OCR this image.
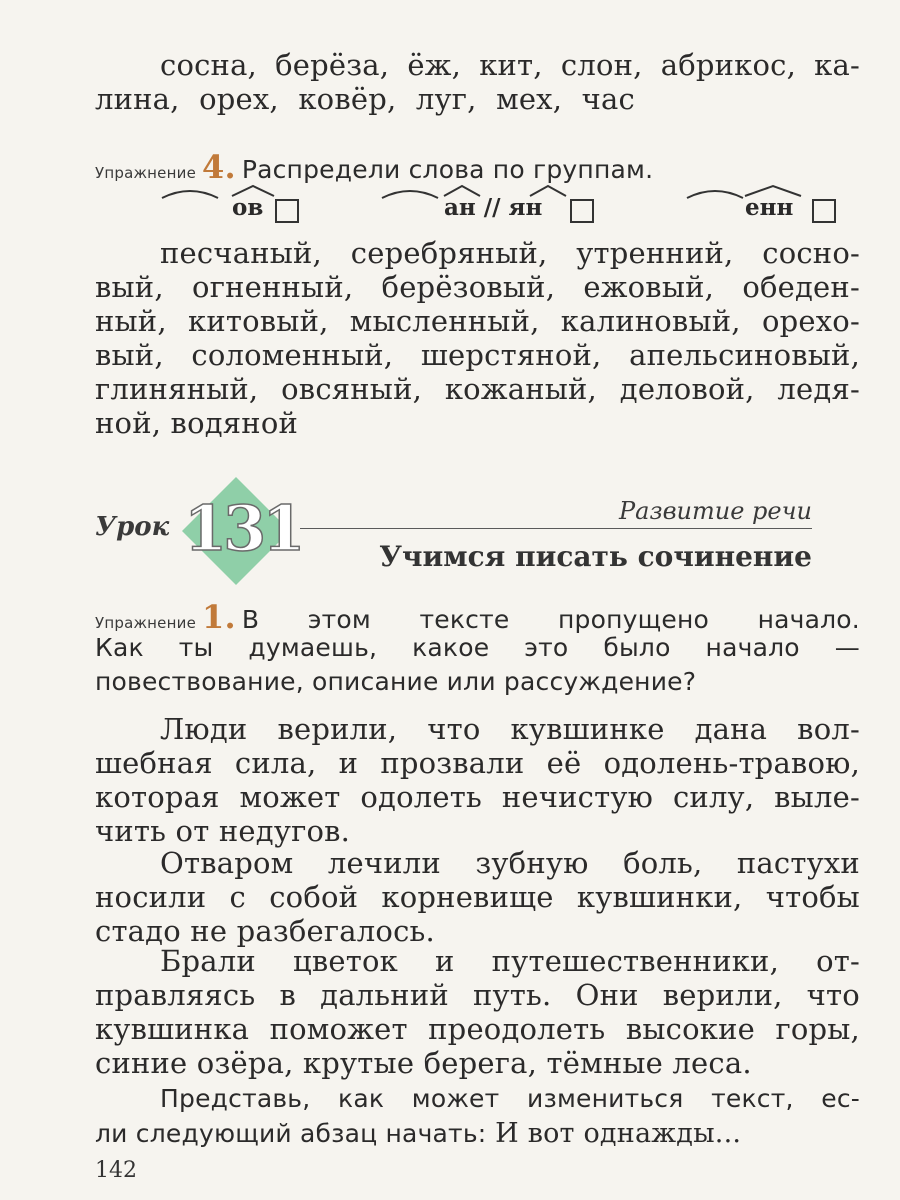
сосна, берёза, ёж, кит, слон, абрикос, ка-
лина, орех, ковёр, луг, мех, час
Упражнение 4. Распредели слова по группам.
ов	ан // ян	енн
песчаный, серебряный, утренний, сосно-
вый, огненный, берёзовый, ежовый, обеден-
ный, китовый, мысленный, калиновый, орехо-
вый, соломенный, шерстяной, апельсиновый,
глиняный, овсяный, кожаный, деловой, ледя-
ной, водяной
Урок 131	Развитие речи
Учимся писать сочинение
Упражнение 1. В этом тексте пропущено начало.
Как ты думаешь, какое это было начало —
повествование, описание или рассуждение?
Люди верили, что кувшинке дана вол-
шебная сила, и прозвали её одолень-травою,
которая может одолеть нечистую силу, выле-
чить от недугов.
Отваром лечили зубную боль, пастухи
носили с собой корневище кувшинки, чтобы
стадо не разбегалось.
Брали цветок и путешественники, от-
правляясь в дальний путь. Они верили, что
кувшинка поможет преодолеть высокие горы,
синие озёра, крутые берега, тёмные леса.
Представь, как может измениться текст, ес-
ли следующий абзац начать: И вот однажды...
142
